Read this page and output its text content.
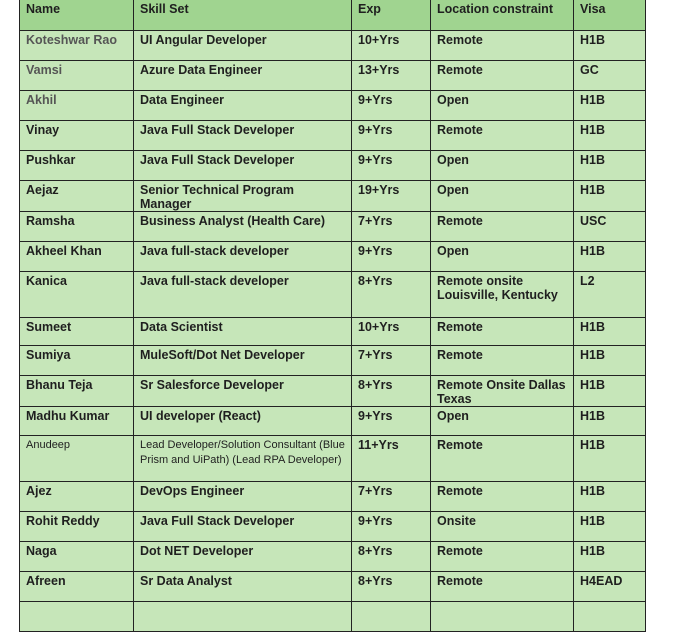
Name	Skill Set	Exp	Location constraint	Visa
Koteshwar Rao	UI Angular Developer	10+Yrs	Remote	H1B
Vamsi	Azure Data Engineer	13+Yrs	Remote	GC
Akhil	Data Engineer	9+Yrs	Open	H1B
Vinay	Java Full Stack Developer	9+Yrs	Remote	H1B
Pushkar	Java Full Stack Developer	9+Yrs	Open	H1B
Aejaz	Senior Technical Program Manager	19+Yrs	Open	H1B
Ramsha	Business Analyst (Health Care)	7+Yrs	Remote	USC
Akheel Khan	Java full-stack developer	9+Yrs	Open	H1B
Kanica	Java full-stack developer	8+Yrs	Remote onsite Louisville, Kentucky	L2
Sumeet	Data Scientist	10+Yrs	Remote	H1B
Sumiya	MuleSoft/Dot Net Developer	7+Yrs	Remote	H1B
Bhanu Teja	Sr Salesforce Developer	8+Yrs	Remote Onsite Dallas Texas	H1B
Madhu Kumar	UI developer (React)	9+Yrs	Open	H1B
Anudeep	Lead Developer/Solution Consultant (Blue Prism and UiPath) (Lead RPA Developer)	11+Yrs	Remote	H1B
Ajez	DevOps Engineer	7+Yrs	Remote	H1B
Rohit Reddy	Java Full Stack Developer	9+Yrs	Onsite	H1B
Naga	Dot NET Developer	8+Yrs	Remote	H1B
Afreen	Sr Data Analyst	8+Yrs	Remote	H4EAD
